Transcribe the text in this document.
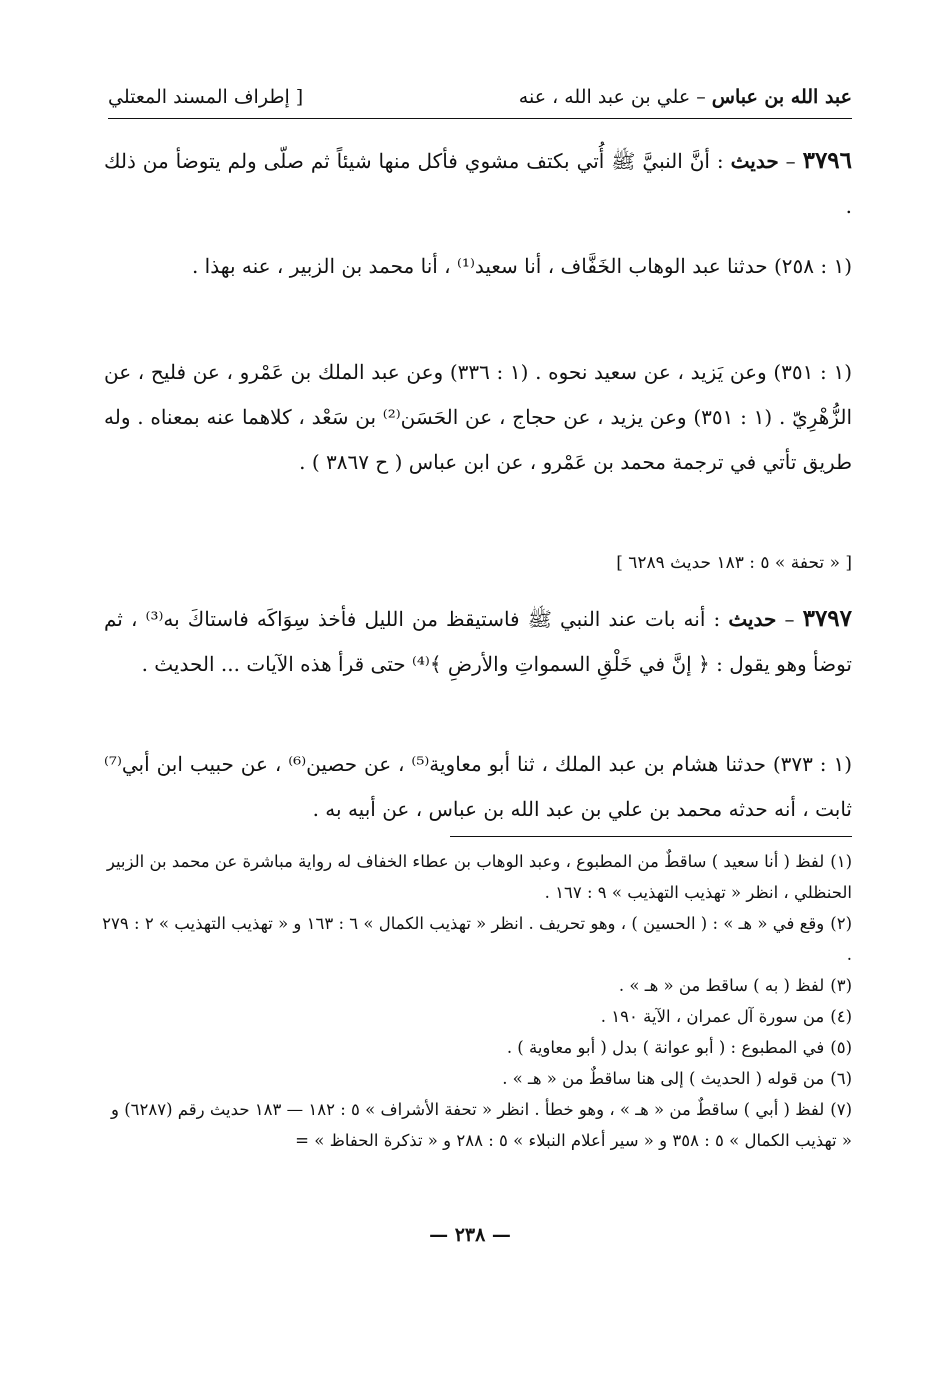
عبد الله بن عباس – علي بن عبد الله ، عنه
[ إطراف المسند المعتلي
٣٧٩٦ – حديث : أنَّ النبيَّ ﷺ أُتي بكتف مشوي فأكل منها شيئاً ثم صلّى ولم يتوضأ من ذلك .
(١ : ٢٥٨) حدثنا عبد الوهاب الخَفَّاف ، أنا سعيد⁽¹⁾ ، أنا محمد بن الزبير ، عنه بهذا .
(١ : ٣٥١) وعن يَزيد ، عن سعيد نحوه . (١ : ٣٣٦) وعن عبد الملك بن عَمْرو ، عن فليح ، عن الزُّهْرِيّ . (١ : ٣٥١) وعن يزيد ، عن حجاج ، عن الحَسَن⁽²⁾ بن سَعْد ، كلاهما عنه بمعناه . وله طريق تأتي في ترجمة محمد بن عَمْرو ، عن ابن عباس ( ح ٣٨٦٧ ) .
[ « تحفة » ٥ : ١٨٣ حديث ٦٢٨٩ ]
٣٧٩٧ – حديث : أنه بات عند النبي ﷺ فاستيقظ من الليل فأخذ سِوَاكَه فاستاكَ به⁽³⁾ ، ثم توضأ وهو يقول : ﴿ إنَّ في خَلْقِ السمواتِ والأرضِ ﴾⁽⁴⁾ حتى قرأ هذه الآيات ... الحديث .
(١ : ٣٧٣) حدثنا هشام بن عبد الملك ، ثنا أبو معاوية⁽⁵⁾ ، عن حصين⁽⁶⁾ ، عن حبيب ابن أبي⁽⁷⁾ ثابت ، أنه حدثه محمد بن علي بن عبد الله بن عباس ، عن أبيه به .
(١)لفظ ( أنا سعيد ) ساقطٌ من المطبوع ، وعبد الوهاب بن عطاء الخفاف له رواية مباشرة عن محمد بن الزبير الحنظلي ، انظر « تهذيب التهذيب » ٩ : ١٦٧ .
(٢)وقع في « هـ » : ( الحسين ) ، وهو تحريف . انظر « تهذيب الكمال » ٦ : ١٦٣ و « تهذيب التهذيب » ٢ : ٢٧٩ .
(٣)لفظ ( به ) ساقط من « هـ » .
(٤)من سورة آل عمران ، الآية ١٩٠ .
(٥)في المطبوع : ( أبو عوانة ) بدل ( أبو معاوية ) .
(٦)من قوله ( الحديث ) إلى هنا ساقطٌ من « هـ » .
(٧)لفظ ( أبي ) ساقطٌ من « هـ » ، وهو خطأ . انظر « تحفة الأشراف » ٥ : ١٨٢ — ١٨٣ حديث رقم (٦٢٨٧) و « تهذيب الكمال » ٥ : ٣٥٨ و « سير أعلام النبلاء » ٥ : ٢٨٨ و « تذكرة الحفاظ » =
— ٢٣٨ —
